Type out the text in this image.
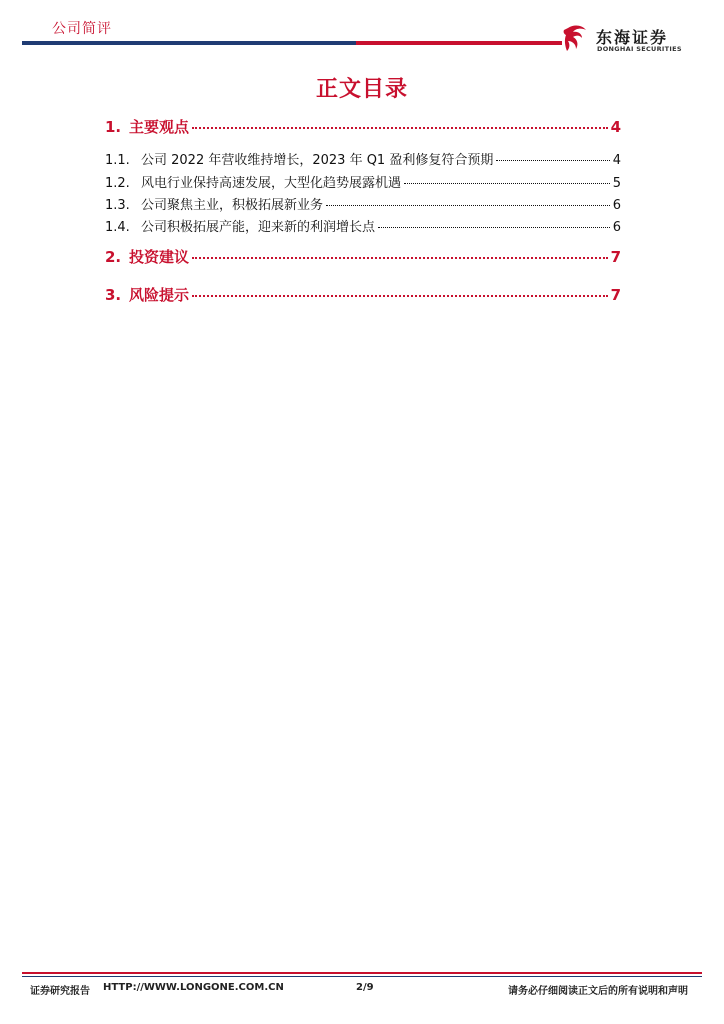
公司简评	东海证券
DONGHAI SECURITIES
正文目录
1. 主要观点	4
1.1. 公司 2022 年营收维持增长，2023 年 Q1 盈利修复符合预期	4
1.2. 风电行业保持高速发展，大型化趋势展露机遇	5
1.3. 公司聚焦主业，积极拓展新业务	6
1.4. 公司积极拓展产能，迎来新的利润增长点	6
2. 投资建议	7
3. 风险提示	7
证券研究报告 HTTP://WWW.LONGONE.COM.CN	2/9	请务必仔细阅读正文后的所有说明和声明
